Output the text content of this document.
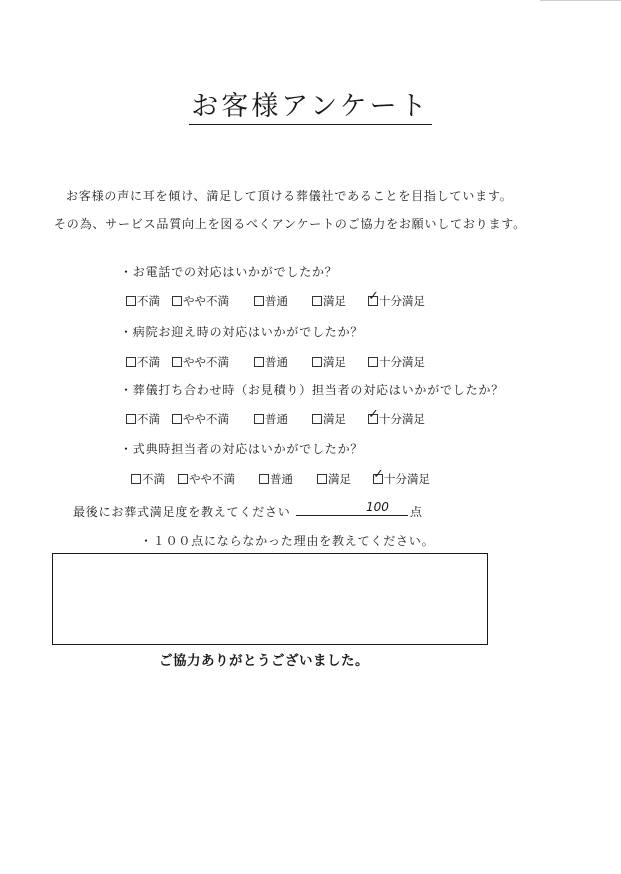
お客様アンケート
お客様の声に耳を傾け、満足して頂ける葬儀社であることを目指しています。
その為、サービス品質向上を図るべくアンケートのご協力をお願いしております。
・お電話での対応はいかがでしたか？
不満	やや不満	普通	満足 ✓ 十分満足
・病院お迎え時の対応はいかがでしたか？
不満	やや不満	普通	満足	十分満足
・葬儀打ち合わせ時（お見積り）担当者の対応はいかがでしたか？
不満	やや不満	普通	満足 ✓ 十分満足
・式典時担当者の対応はいかがでしたか？
不満	やや不満	普通	満足 ✓ 十分満足
最後にお葬式満足度を教えてください	100 点
・１００点にならなかった理由を教えてください。
ご協力ありがとうございました。
